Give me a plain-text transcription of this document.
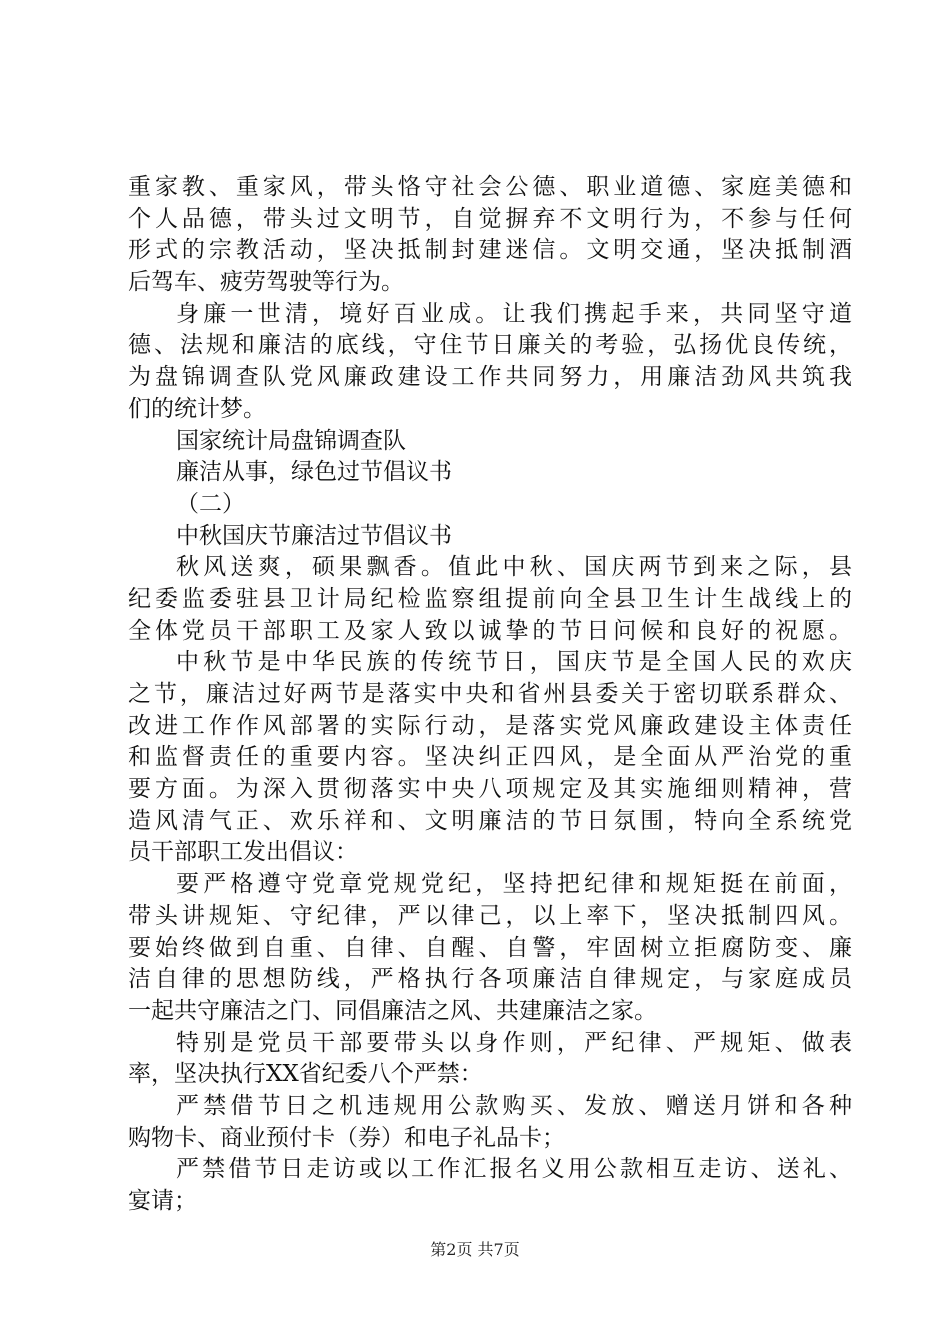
重家教、重家风，带头恪守社会公德、职业道德、家庭美德和
个人品德，带头过文明节，自觉摒弃不文明行为，不参与任何
形式的宗教活动，坚决抵制封建迷信。文明交通，坚决抵制酒
后驾车、疲劳驾驶等行为。
身廉一世清，境好百业成。让我们携起手来，共同坚守道
德、法规和廉洁的底线，守住节日廉关的考验，弘扬优良传统，
为盘锦调查队党风廉政建设工作共同努力，用廉洁劲风共筑我
们的统计梦。
国家统计局盘锦调查队
廉洁从事，绿色过节倡议书
（二）
中秋国庆节廉洁过节倡议书
秋风送爽，硕果飘香。值此中秋、国庆两节到来之际，县
纪委监委驻县卫计局纪检监察组提前向全县卫生计生战线上的
全体党员干部职工及家人致以诚挚的节日问候和良好的祝愿。
中秋节是中华民族的传统节日，国庆节是全国人民的欢庆
之节，廉洁过好两节是落实中央和省州县委关于密切联系群众、
改进工作作风部署的实际行动，是落实党风廉政建设主体责任
和监督责任的重要内容。坚决纠正四风，是全面从严治党的重
要方面。为深入贯彻落实中央八项规定及其实施细则精神，营
造风清气正、欢乐祥和、文明廉洁的节日氛围，特向全系统党
员干部职工发出倡议：
要严格遵守党章党规党纪，坚持把纪律和规矩挺在前面，
带头讲规矩、守纪律，严以律己，以上率下，坚决抵制四风。
要始终做到自重、自律、自醒、自警，牢固树立拒腐防变、廉
洁自律的思想防线，严格执行各项廉洁自律规定，与家庭成员
一起共守廉洁之门、同倡廉洁之风、共建廉洁之家。
特别是党员干部要带头以身作则，严纪律、严规矩、做表
率，坚决执行XX省纪委八个严禁：
严禁借节日之机违规用公款购买、发放、赠送月饼和各种
购物卡、商业预付卡（券）和电子礼品卡；
严禁借节日走访或以工作汇报名义用公款相互走访、送礼、
宴请；
第2页 共7页
